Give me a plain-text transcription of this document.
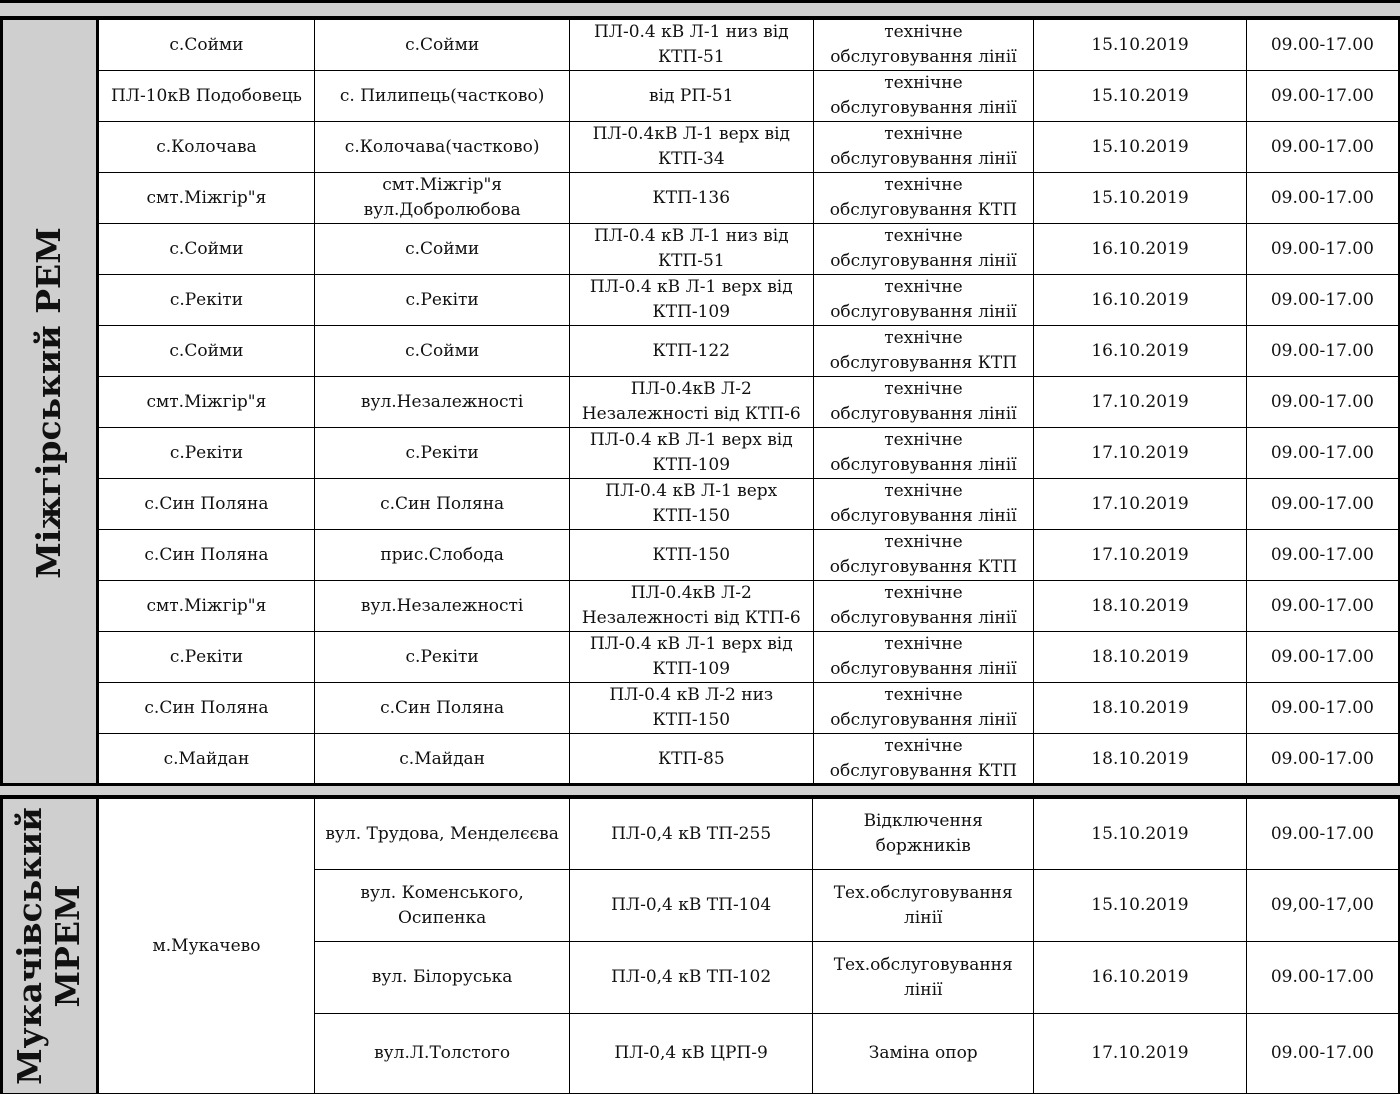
Міжгірський РЕМ	с.Сойми	с.Сойми	ПЛ-0.4 кВ Л-1 низ від КТП-51	технічне обслуговування лінії	15.10.2019	09.00-17.00
	ПЛ-10кВ Подобовець	с. Пилипець(частково)	від РП-51	технічне обслуговування лінії	15.10.2019	09.00-17.00
	с.Колочава	с.Колочава(частково)	ПЛ-0.4кВ Л-1 верх від КТП-34	технічне обслуговування лінії	15.10.2019	09.00-17.00
	смт.Міжгір"я	смт.Міжгір"я вул.Добролюбова	КТП-136	технічне обслуговування КТП	15.10.2019	09.00-17.00
	с.Сойми	с.Сойми	ПЛ-0.4 кВ Л-1 низ від КТП-51	технічне обслуговування лінії	16.10.2019	09.00-17.00
	с.Рекіти	с.Рекіти	ПЛ-0.4 кВ Л-1 верх від КТП-109	технічне обслуговування лінії	16.10.2019	09.00-17.00
	с.Сойми	с.Сойми	КТП-122	технічне обслуговування КТП	16.10.2019	09.00-17.00
	смт.Міжгір"я	вул.Незалежності	ПЛ-0.4кВ Л-2 Незалежності від КТП-6	технічне обслуговування лінії	17.10.2019	09.00-17.00
	с.Рекіти	с.Рекіти	ПЛ-0.4 кВ Л-1 верх від КТП-109	технічне обслуговування лінії	17.10.2019	09.00-17.00
	с.Син Поляна	с.Син Поляна	ПЛ-0.4 кВ Л-1 верх КТП-150	технічне обслуговування лінії	17.10.2019	09.00-17.00
	с.Син Поляна	прис.Слобода	КТП-150	технічне обслуговування КТП	17.10.2019	09.00-17.00
	смт.Міжгір"я	вул.Незалежності	ПЛ-0.4кВ Л-2 Незалежності від КТП-6	технічне обслуговування лінії	18.10.2019	09.00-17.00
	с.Рекіти	с.Рекіти	ПЛ-0.4 кВ Л-1 верх від КТП-109	технічне обслуговування лінії	18.10.2019	09.00-17.00
	с.Син Поляна	с.Син Поляна	ПЛ-0.4 кВ Л-2 низ КТП-150	технічне обслуговування лінії	18.10.2019	09.00-17.00
	с.Майдан	с.Майдан	КТП-85	технічне обслуговування КТП	18.10.2019	09.00-17.00
Мукачівський МРЕМ	м.Мукачево	вул. Трудова, Менделєєва	ПЛ-0,4 кВ ТП-255	Відключення боржників	15.10.2019	09.00-17.00
		вул. Коменського, Осипенка	ПЛ-0,4 кВ ТП-104	Тех.обслуговування лінії	15.10.2019	09,00-17,00
		вул. Білоруська	ПЛ-0,4 кВ ТП-102	Тех.обслуговування лінії	16.10.2019	09.00-17.00
		вул.Л.Толстого	ПЛ-0,4 кВ ЦРП-9	Заміна опор	17.10.2019	09.00-17.00
